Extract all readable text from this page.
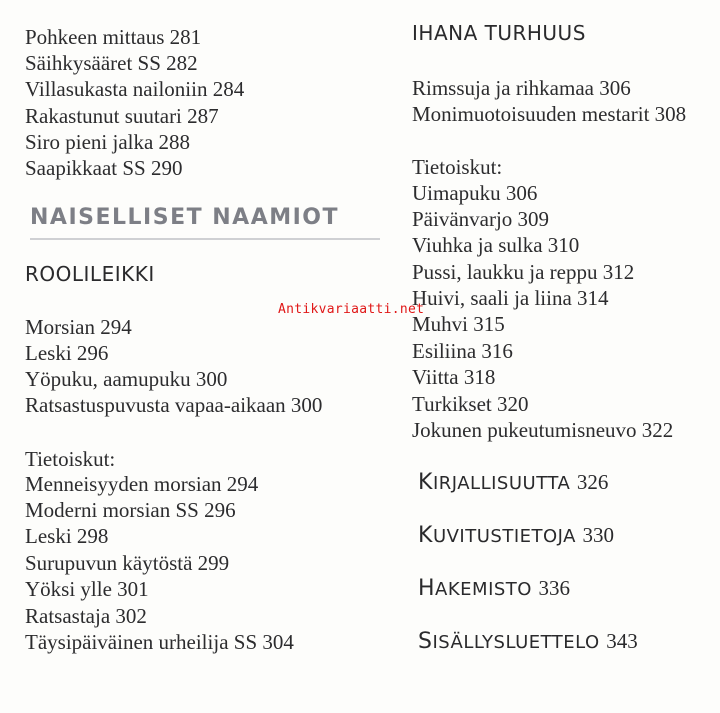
Pohkeen mittaus 281
Säihkysääret SS 282
Villasukasta nailoniin 284
Rakastunut suutari 287
Siro pieni jalka 288
Saapikkaat SS 290
NAISELLISET NAAMIOT
ROOLILEIKKI
Morsian 294
Leski 296
Yöpuku, aamupuku 300
Ratsastuspuvusta vapaa-aikaan 300
Tietoiskut:
Menneisyyden morsian 294
Moderni morsian SS 296
Leski 298
Surupuvun käytöstä 299
Yöksi ylle 301
Ratsastaja 302
Täysipäiväinen urheilija SS 304
IHANA TURHUUS
Rimssuja ja rihkamaa 306
Monimuotoisuuden mestarit 308
Tietoiskut:
Uimapuku 306
Päivänvarjo 309
Viuhka ja sulka 310
Pussi, laukku ja reppu 312
Huivi, saali ja liina 314
Muhvi 315
Esiliina 316
Viitta 318
Turkikset 320
Jokunen pukeutumisneuvo 322
KIRJALLISUUTTA 326
KUVITUSTIETOJA 330
HAKEMISTO 336
SISÄLLYSLUETTELO 343
Antikvariaatti.net
